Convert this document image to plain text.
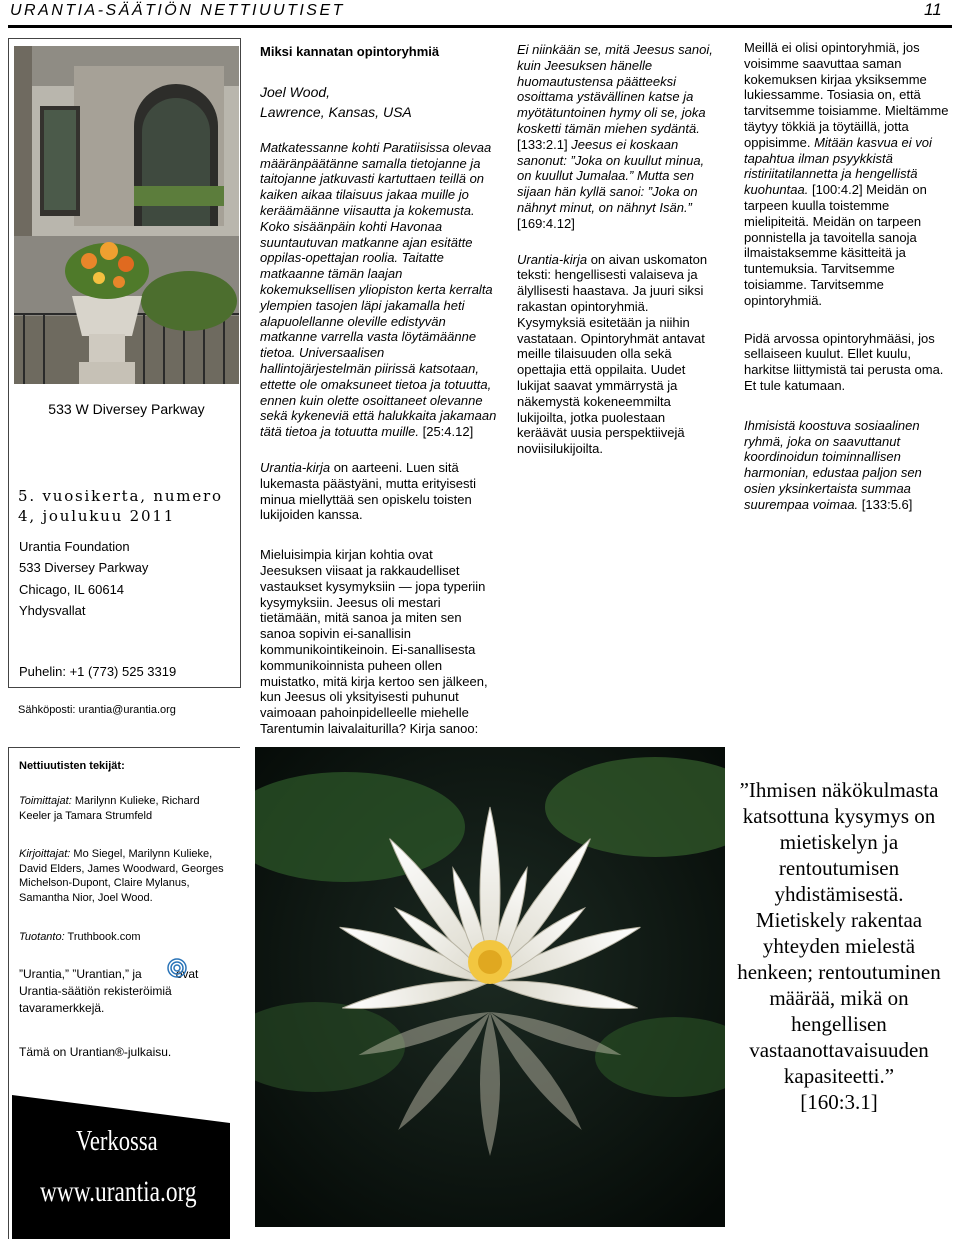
URANTIA-SÄÄTIÖN NETTIUUTISET	11
533 W Diversey Parkway
5. vuosikerta, numero 4, joulukuu 2011
Urantia Foundation
533 Diversey Parkway
Chicago, IL 60614
Yhdysvallat
Puhelin: +1 (773) 525 3319
Sähköposti: urantia@urantia.org

Miksi kannatan opintoryhmiä

Joel Wood,
Lawrence, Kansas, USA

Matkatessanne kohti Paratiisissa olevaa määränpäätänne samalla tietojanne ja taitojanne jatkuvasti kartuttaen teillä on kaiken aikaa tilaisuus jakaa muille jo keräämäänne viisautta ja kokemusta. Koko sisäänpäin kohti Havonaa suuntautuvan matkanne ajan esitätte oppilas-opettajan roolia. Taitatte matkaanne tämän laajan kokemuksellisen yliopiston kerta kerralta ylempien tasojen läpi jakamalla heti alapuolellanne oleville edistyvän matkanne varrella vasta löytämäänne tietoa. Universaalisen hallintojärjestelmän piirissä katsotaan, ettette ole omaksuneet tietoa ja totuutta, ennen kuin olette osoittaneet olevanne sekä kykeneviä että halukkaita jakamaan tätä tietoa ja totuutta muille. [25:4.12]

Urantia-kirja on aarteeni. Luen sitä lukemasta päästyäni, mutta erityisesti minua miellyttää sen opiskelu toisten lukijoiden kanssa.

Mieluisimpia kirjan kohtia ovat Jeesuksen viisaat ja rakkaudelliset vastaukset kysymyksiin — jopa typeriin kysymyksiin. Jeesus oli mestari tietämään, mitä sanoa ja miten sen sanoa sopivin ei-sanallisin kommunikointikeinoin. Ei-sanallisesta kommunikoinnista puheen ollen muistatko, mitä kirja kertoo sen jälkeen, kun Jeesus oli yksityisesti puhunut vaimoaan pahoinpidelleelle miehelle Tarentumin laivalaiturilla? Kirja sanoo:

Ei niinkään se, mitä Jeesus sanoi, kuin Jeesuksen hänelle huomautustensa päätteeksi osoittama ystävällinen katse ja myötätuntoinen hymy oli se, joka kosketti tämän miehen sydäntä. [133:2.1] Jeesus ei koskaan sanonut: ”Joka on kuullut minua, on kuullut Jumalaa.” Mutta sen sijaan hän kyllä sanoi: ”Joka on nähnyt minut, on nähnyt Isän.” [169:4.12]

Urantia-kirja on aivan uskomaton teksti: hengellisesti valaiseva ja älyllisesti haastava. Ja juuri siksi rakastan opintoryhmiä. Kysymyksiä esitetään ja niihin vastataan. Opintoryhmät antavat meille tilaisuuden olla sekä opettajia että oppilaita. Uudet lukijat saavat ymmärrystä ja näkemystä kokeneemmilta lukijoilta, jotka puolestaan keräävät uusia perspektiivejä noviisilukijoilta.

Meillä ei olisi opintoryhmiä, jos voisimme saavuttaa saman kokemuksen kirjaa yksiksemme lukiessamme. Tosiasia on, että tarvitsemme toisiamme. Mieltämme täytyy tökkiä ja töytäillä, jotta oppisimme. Mitään kasvua ei voi tapahtua ilman psyykkistä ristiriitatilannetta ja hengellistä kuohuntaa. [100:4.2] Meidän on tarpeen kuulla toistemme mielipiteitä. Meidän on tarpeen ponnistella ja tavoitella sanoja ilmaistaksemme käsitteitä ja tuntemuksia. Tarvitsemme toisiamme. Tarvitsemme opintoryhmiä.

Pidä arvossa opintoryhmääsi, jos sellaiseen kuulut. Ellet kuulu, harkitse liittymistä tai perusta oma. Et tule katumaan.

Ihmisistä koostuva sosiaalinen ryhmä, joka on saavuttanut koordinoidun toiminnallisen harmonian, edustaa paljon sen osien yksinkertaista summaa suurempaa voimaa. [133:5.6]

Nettiuutisten tekijät:
Toimittajat: Marilynn Kulieke, Richard Keeler ja Tamara Strumfeld
Kirjoittajat: Mo Siegel, Marilynn Kulieke, David Elders, James Woodward, Georges Michelson-Dupont, Claire Mylanus, Samantha Nior, Joel Wood.
Tuotanto: Truthbook.com
”Urantia,” ”Urantian,” ja	ovat
Urantia-säätiön rekisteröimiä tavaramerkkejä.
Tämä on Urantian®-julkaisu.
Verkossa
www.urantia.org
”Ihmisen näkökulmasta katsottuna kysymys on mietiskelyn ja rentoutumisen yhdistämisestä. Mietiskely rakentaa yhteyden mielestä henkeen; rentoutuminen määrää, mikä on hengellisen vastaanottavaisuuden kapasiteetti.”
[160:3.1]
